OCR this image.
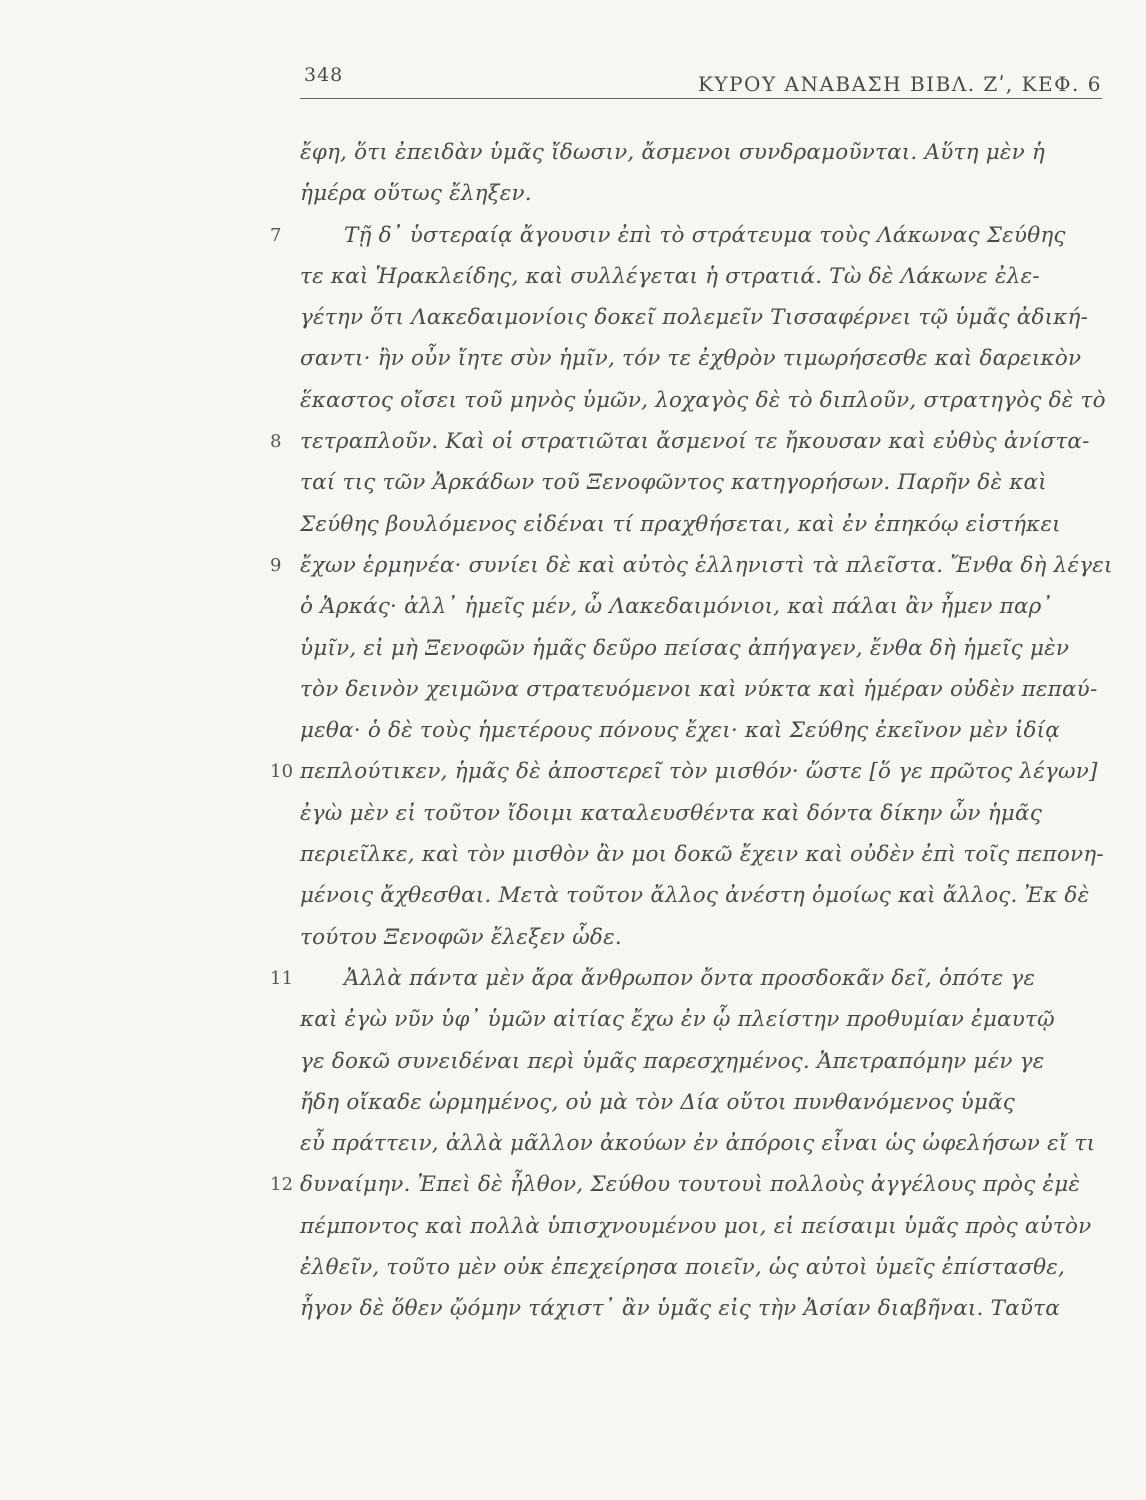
348	ΚΥΡΟΥ ΑΝΑΒΑΣΗ ΒΙΒΛ. Ζʹ, ΚΕΦ. 6
ἔφη, ὅτι ἐπειδὰν ὑμᾶς ἴδωσιν, ἄσμενοι συνδραμοῦνται. Αὕτη μὲν ἡ
ἡμέρα οὕτως ἔληξεν.
7	Τῇ δ᾽ ὑστεραίᾳ ἄγουσιν ἐπὶ τὸ στράτευμα τοὺς Λάκωνας Σεύθης
τε καὶ Ἡρακλείδης, καὶ συλλέγεται ἡ στρατιά. Τὼ δὲ Λάκωνε ἐλε-
γέτην ὅτι Λακεδαιμονίοις δοκεῖ πολεμεῖν Τισσαφέρνει τῷ ὑμᾶς ἀδική-
σαντι· ἢν οὖν ἴητε σὺν ἡμῖν, τόν τε ἐχθρὸν τιμωρήσεσθε καὶ δαρεικὸν
ἕκαστος οἴσει τοῦ μηνὸς ὑμῶν, λοχαγὸς δὲ τὸ διπλοῦν, στρατηγὸς δὲ τὸ
8 τετραπλοῦν. Καὶ οἱ στρατιῶται ἄσμενοί τε ἤκουσαν καὶ εὐθὺς ἀνίστα-
ταί τις τῶν Ἀρκάδων τοῦ Ξενοφῶντος κατηγορήσων. Παρῆν δὲ καὶ
Σεύθης βουλόμενος εἰδέναι τί πραχθήσεται, καὶ ἐν ἐπηκόῳ εἱστήκει
9 ἔχων ἑρμηνέα· συνίει δὲ καὶ αὐτὸς ἑλληνιστὶ τὰ πλεῖστα. Ἔνθα δὴ λέγει
ὁ Ἀρκάς· ἀλλ᾽ ἡμεῖς μέν, ὦ Λακεδαιμόνιοι, καὶ πάλαι ἂν ἦμεν παρ᾽
ὑμῖν, εἰ μὴ Ξενοφῶν ἡμᾶς δεῦρο πείσας ἀπήγαγεν, ἔνθα δὴ ἡμεῖς μὲν
τὸν δεινὸν χειμῶνα στρατευόμενοι καὶ νύκτα καὶ ἡμέραν οὐδὲν πεπαύ-
μεθα· ὁ δὲ τοὺς ἡμετέρους πόνους ἔχει· καὶ Σεύθης ἐκεῖνον μὲν ἰδίᾳ
10 πεπλούτικεν, ἡμᾶς δὲ ἀποστερεῖ τὸν μισθόν· ὥστε [ὅ γε πρῶτος λέγων]
ἐγὼ μὲν εἰ τοῦτον ἴδοιμι καταλευσθέντα καὶ δόντα δίκην ὧν ἡμᾶς
περιεῖλκε, καὶ τὸν μισθὸν ἂν μοι δοκῶ ἔχειν καὶ οὐδὲν ἐπὶ τοῖς πεπονη-
μένοις ἄχθεσθαι. Μετὰ τοῦτον ἄλλος ἀνέστη ὁμοίως καὶ ἄλλος. Ἐκ δὲ
τούτου Ξενοφῶν ἔλεξεν ὧδε.
11 Ἀλλὰ πάντα μὲν ἄρα ἄνθρωπον ὄντα προσδοκᾶν δεῖ, ὁπότε γε
καὶ ἐγὼ νῦν ὑφ᾽ ὑμῶν αἰτίας ἔχω ἐν ᾧ πλείστην προθυμίαν ἐμαυτῷ
γε δοκῶ συνειδέναι περὶ ὑμᾶς παρεσχημένος. Ἀπετραπόμην μέν γε
ἤδη οἴκαδε ὡρμημένος, οὐ μὰ τὸν Δία οὔτοι πυνθανόμενος ὑμᾶς
εὖ πράττειν, ἀλλὰ μᾶλλον ἀκούων ἐν ἀπόροις εἶναι ὡς ὠφελήσων εἴ τι
12 δυναίμην. Ἐπεὶ δὲ ἦλθον, Σεύθου τουτουὶ πολλοὺς ἀγγέλους πρὸς ἐμὲ
πέμποντος καὶ πολλὰ ὑπισχνουμένου μοι, εἰ πείσαιμι ὑμᾶς πρὸς αὐτὸν
ἐλθεῖν, τοῦτο μὲν οὐκ ἐπεχείρησα ποιεῖν, ὡς αὐτοὶ ὑμεῖς ἐπίστασθε,
ἦγον δὲ ὅθεν ᾤόμην τάχιστ᾽ ἂν ὑμᾶς εἰς τὴν Ἀσίαν διαβῆναι. Ταῦτα
